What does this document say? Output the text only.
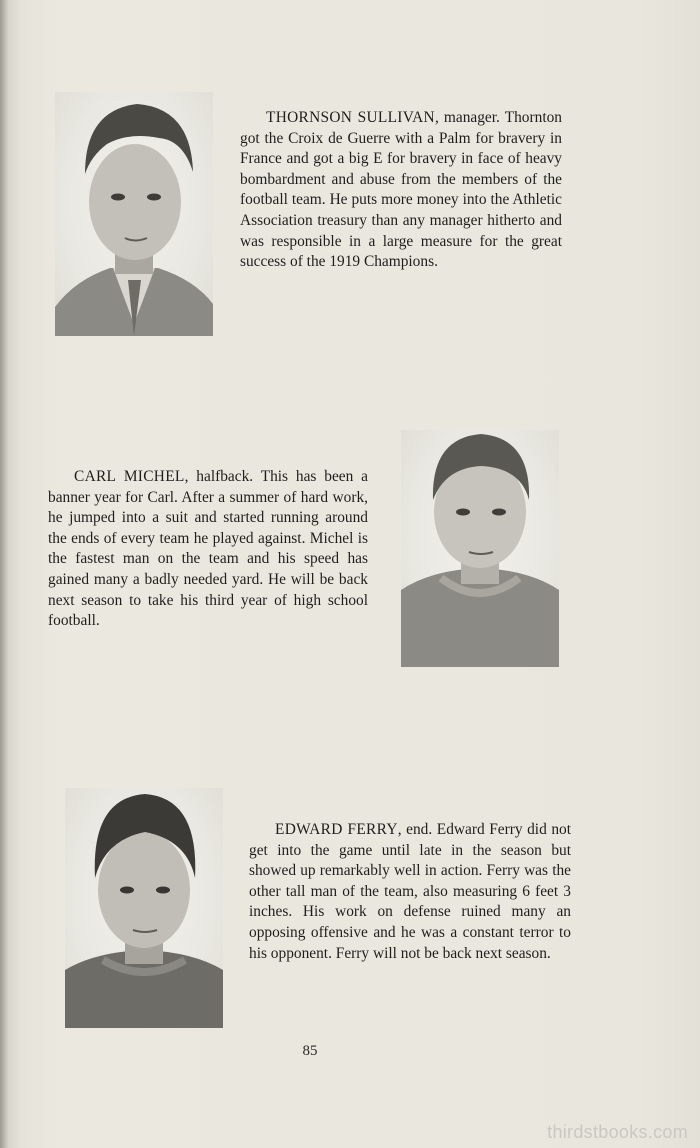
THORNSON SULLIVAN, manager. Thornton got the Croix de Guerre with a Palm for bravery in France and got a big E for bravery in face of heavy bombardment and abuse from the members of the football team. He puts more money into the Athletic Association treasury than any manager hitherto and was responsible in a large measure for the great success of the 1919 Champions.

CARL MICHEL, halfback. This has been a banner year for Carl. After a summer of hard work, he jumped into a suit and started running around the ends of every team he played against. Michel is the fastest man on the team and his speed has gained many a badly needed yard. He will be back next season to take his third year of high school football.

EDWARD FERRY, end. Edward Ferry did not get into the game until late in the season but showed up remarkably well in action. Ferry was the other tall man of the team, also measuring 6 feet 3 inches. His work on defense ruined many an opposing offensive and he was a constant terror to his opponent. Ferry will not be back next season.

85
thirdstbooks.com
